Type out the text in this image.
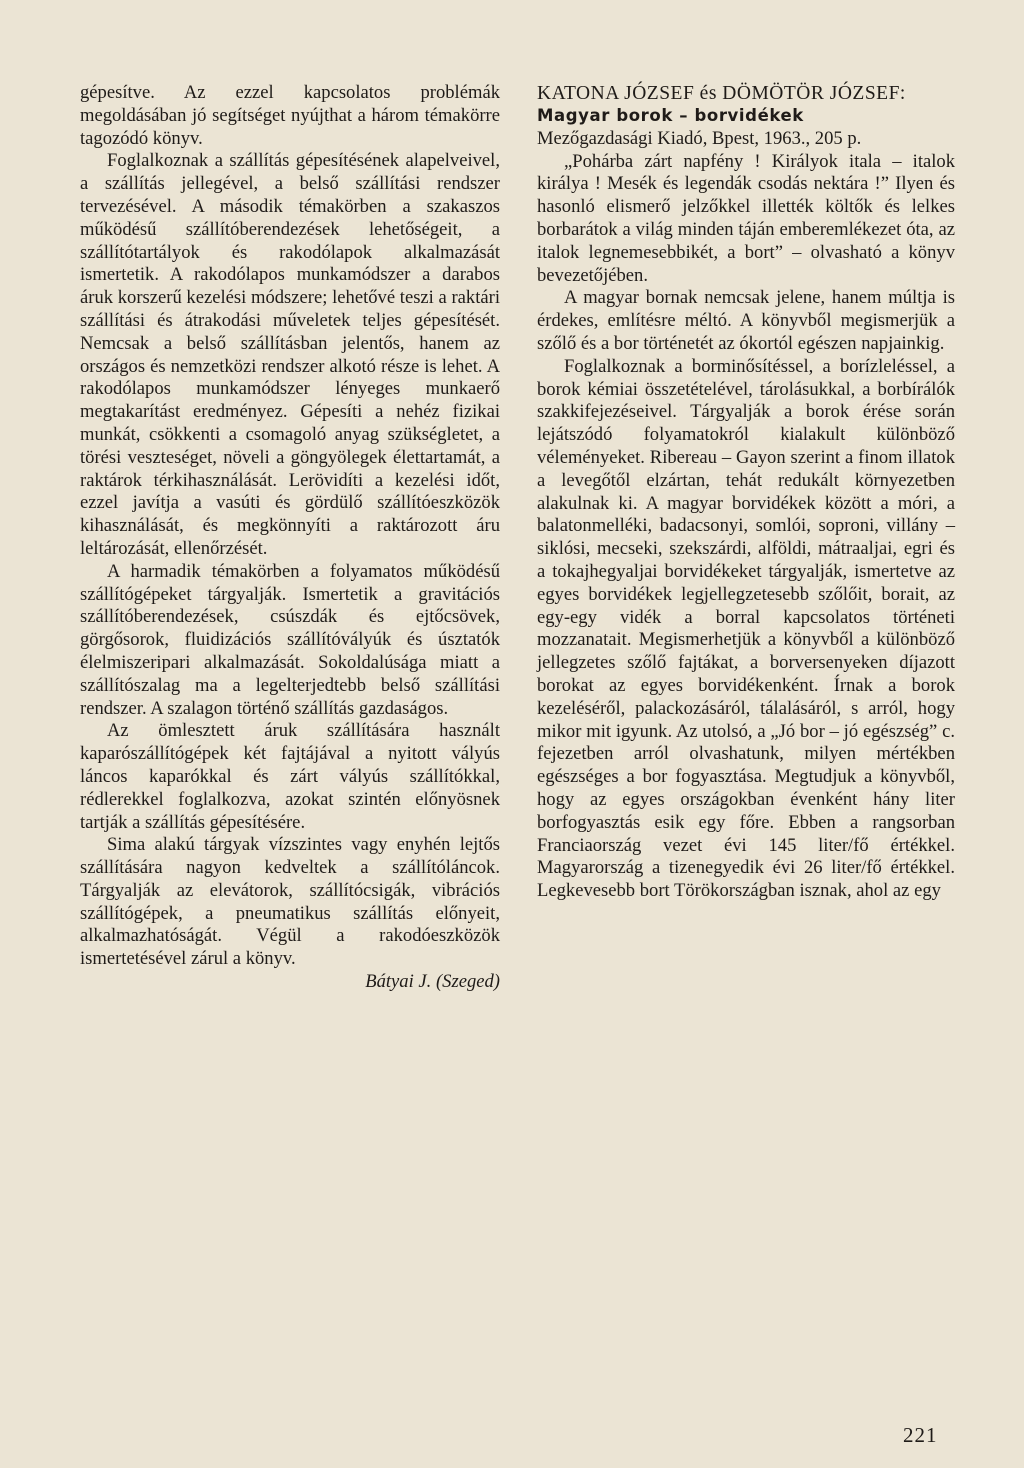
gépesítve. Az ezzel kapcsolatos problémák megoldásában jó segítséget nyújthat a három témakörre tagozódó könyv.

Foglalkoznak a szállítás gépesítésének alapelveivel, a szállítás jellegével, a belső szállítási rendszer tervezésével. A második témakörben a szakaszos működésű szállítóberendezések lehetőségeit, a szállítótartályok és rakodólapok alkalmazását ismertetik. A rakodólapos munkamódszer a darabos áruk korszerű kezelési módszere; lehetővé teszi a raktári szállítási és átrakodási műveletek teljes gépesítését. Nemcsak a belső szállításban jelentős, hanem az országos és nemzetközi rendszer alkotó része is lehet. A rakodólapos munkamódszer lényeges munkaerő megtakarítást eredményez. Gépesíti a nehéz fizikai munkát, csökkenti a csomagoló anyag szükségletet, a törési veszteséget, növeli a göngyölegek élettartamát, a raktárok térkihasználását. Lerövidíti a kezelési időt, ezzel javítja a vasúti és gördülő szállítóeszközök kihasználását, és megkönnyíti a raktározott áru leltározását, ellenőrzését.

A harmadik témakörben a folyamatos működésű szállítógépeket tárgyalják. Ismertetik a gravitációs szállítóberendezések, csúszdák és ejtőcsövek, görgősorok, fluidizációs szállítóvályúk és úsztatók élelmiszeripari alkalmazását. Sokoldalúsága miatt a szállítószalag ma a legelterjedtebb belső szállítási rendszer. A szalagon történő szállítás gazdaságos.

Az ömlesztett áruk szállítására használt kaparószállítógépek két fajtájával a nyitott vályús láncos kaparókkal és zárt vályús szállítókkal, rédlerekkel foglalkozva, azokat szintén előnyösnek tartják a szállítás gépesítésére.

Sima alakú tárgyak vízszintes vagy enyhén lejtős szállítására nagyon kedveltek a szállítóláncok. Tárgyalják az elevátorok, szállítócsigák, vibrációs szállítógépek, a pneumatikus szállítás előnyeit, alkalmazhatóságát. Végül a rakodóeszközök ismertetésével zárul a könyv.

Bátyai J. (Szeged)

KATONA JÓZSEF és DÖMÖTÖR JÓZSEF:

Magyar borok – borvidékek

Mezőgazdasági Kiadó, Bpest, 1963., 205 p.

„Pohárba zárt napfény ! Királyok itala – italok királya ! Mesék és legendák csodás nektára !” Ilyen és hasonló elismerő jelzőkkel illették költők és lelkes borbarátok a világ minden táján emberemlékezet óta, az italok legnemesebbikét, a bort” – olvasható a könyv bevezetőjében.

A magyar bornak nemcsak jelene, hanem múltja is érdekes, említésre méltó. A könyvből megismerjük a szőlő és a bor történetét az ókortól egészen napjainkig.

Foglalkoznak a borminősítéssel, a borízleléssel, a borok kémiai összetételével, tárolásukkal, a borbírálók szakkifejezéseivel. Tárgyalják a borok érése során lejátszódó folyamatokról kialakult különböző véleményeket. Ribereau – Gayon szerint a finom illatok a levegőtől elzártan, tehát redukált környezetben alakulnak ki. A magyar borvidékek között a móri, a balatonmelléki, badacsonyi, somlói, soproni, villány – siklósi, mecseki, szekszárdi, alföldi, mátraaljai, egri és a tokajhegyaljai borvidékeket tárgyalják, ismertetve az egyes borvidékek legjellegzetesebb szőlőit, borait, az egy-egy vidék a borral kapcsolatos történeti mozzanatait. Megismerhetjük a könyvből a különböző jellegzetes szőlő fajtákat, a borversenyeken díjazott borokat az egyes borvidékenként. Írnak a borok kezeléséről, palackozásáról, tálalásáról, s arról, hogy mikor mit igyunk. Az utolsó, a „Jó bor – jó egészség” c. fejezetben arról olvashatunk, milyen mértékben egészséges a bor fogyasztása. Megtudjuk a könyvből, hogy az egyes országokban évenként hány liter borfogyasztás esik egy főre. Ebben a rangsorban Franciaország vezet évi 145 liter/fő értékkel. Magyarország a tizenegyedik évi 26 liter/fő értékkel. Legkevesebb bort Törökországban isznak, ahol az egy

221
